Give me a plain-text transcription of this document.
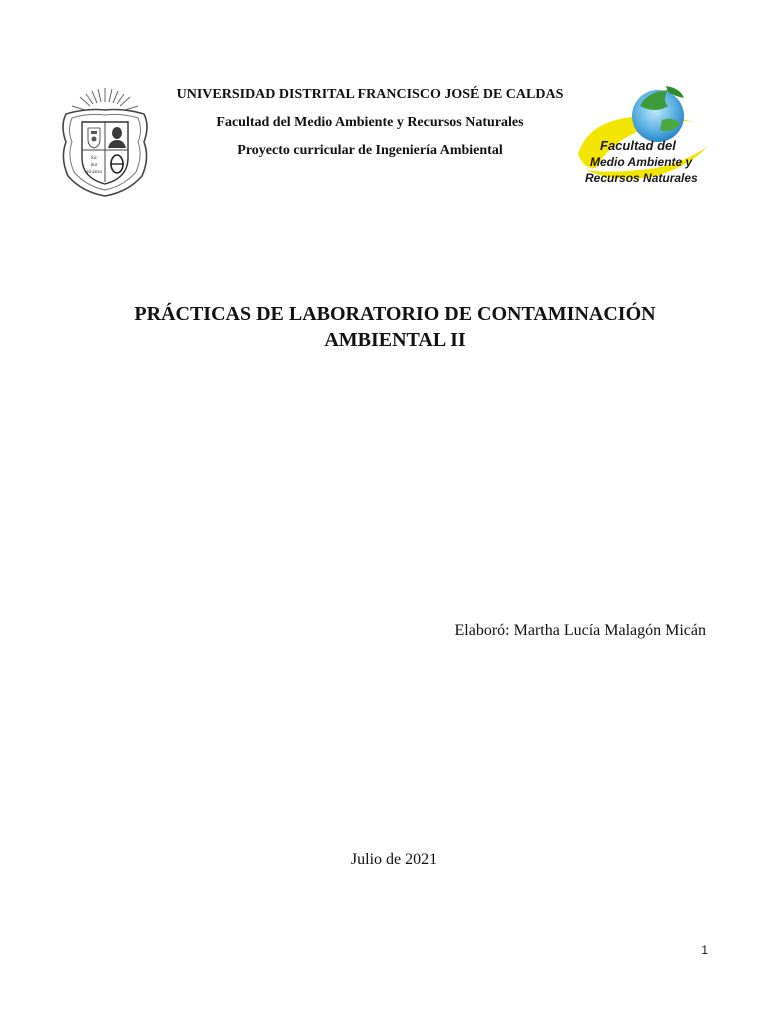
Sic
itur
ad astra
UNIVERSIDAD DISTRITAL FRANCISCO JOSÉ DE CALDAS
Facultad del Medio Ambiente y Recursos Naturales
Proyecto curricular de Ingeniería Ambiental	Facultad del
Medio Ambiente y
Recursos Naturales
PRÁCTICAS DE LABORATORIO DE CONTAMINACIÓN
AMBIENTAL II
Elaboró: Martha Lucía Malagón Micán
Julio de 2021
1
